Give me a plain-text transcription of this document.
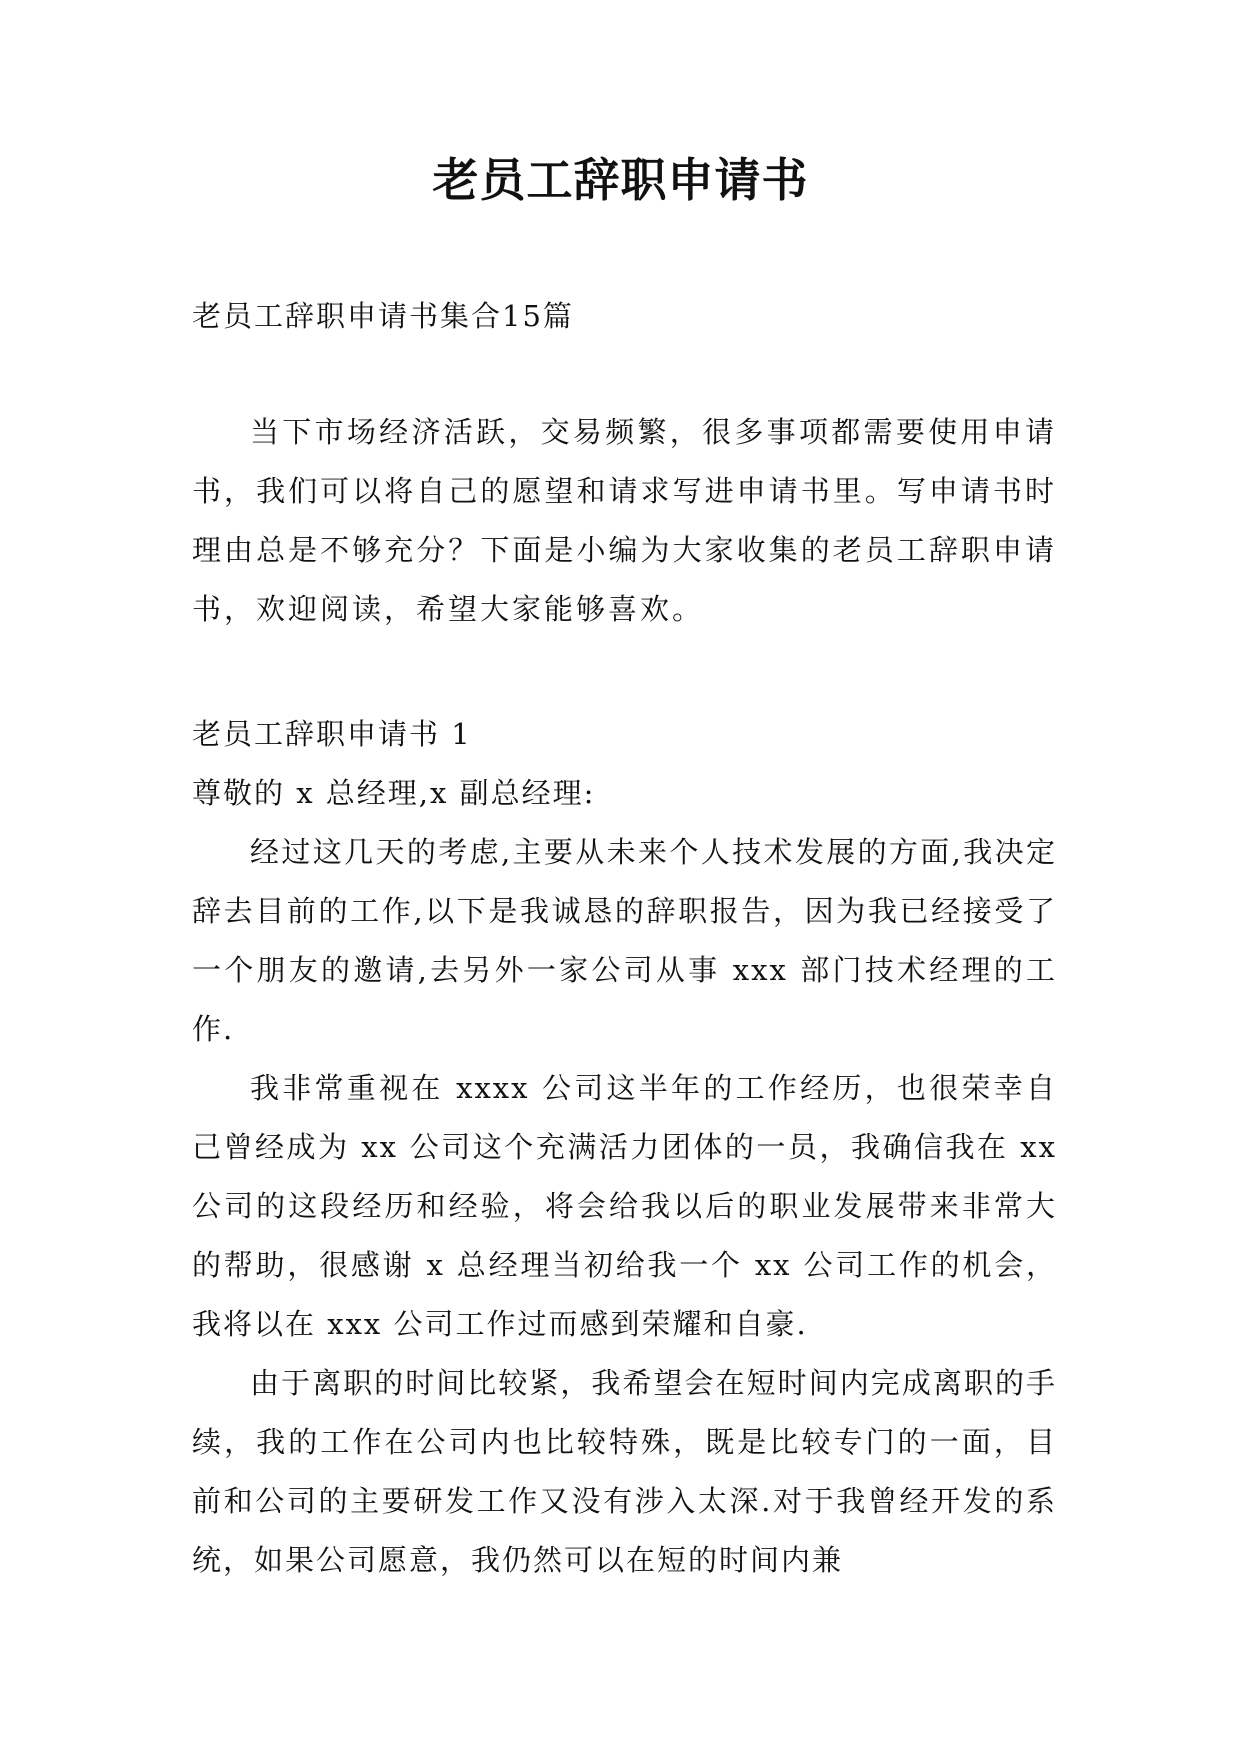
老员工辞职申请书
老员工辞职申请书集合15篇

当下市场经济活跃，交易频繁，很多事项都需要使用申请书，我们可以将自己的愿望和请求写进申请书里。写申请书时理由总是不够充分？下面是小编为大家收集的老员工辞职申请书，欢迎阅读，希望大家能够喜欢。

老员工辞职申请书 1

尊敬的 x 总经理,x 副总经理:

经过这几天的考虑,主要从未来个人技术发展的方面,我决定辞去目前的工作,以下是我诚恳的辞职报告，因为我已经接受了一个朋友的邀请,去另外一家公司从事 xxx 部门技术经理的工作.

我非常重视在 xxxx 公司这半年的工作经历，也很荣幸自己曾经成为 xx 公司这个充满活力团体的一员，我确信我在 xx 公司的这段经历和经验，将会给我以后的职业发展带来非常大的帮助，很感谢 x 总经理当初给我一个 xx 公司工作的机会，我将以在 xxx 公司工作过而感到荣耀和自豪.

由于离职的时间比较紧，我希望会在短时间内完成离职的手续，我的工作在公司内也比较特殊，既是比较专门的一面，目前和公司的主要研发工作又没有涉入太深.对于我曾经开发的系统，如果公司愿意，我仍然可以在短的时间内兼
